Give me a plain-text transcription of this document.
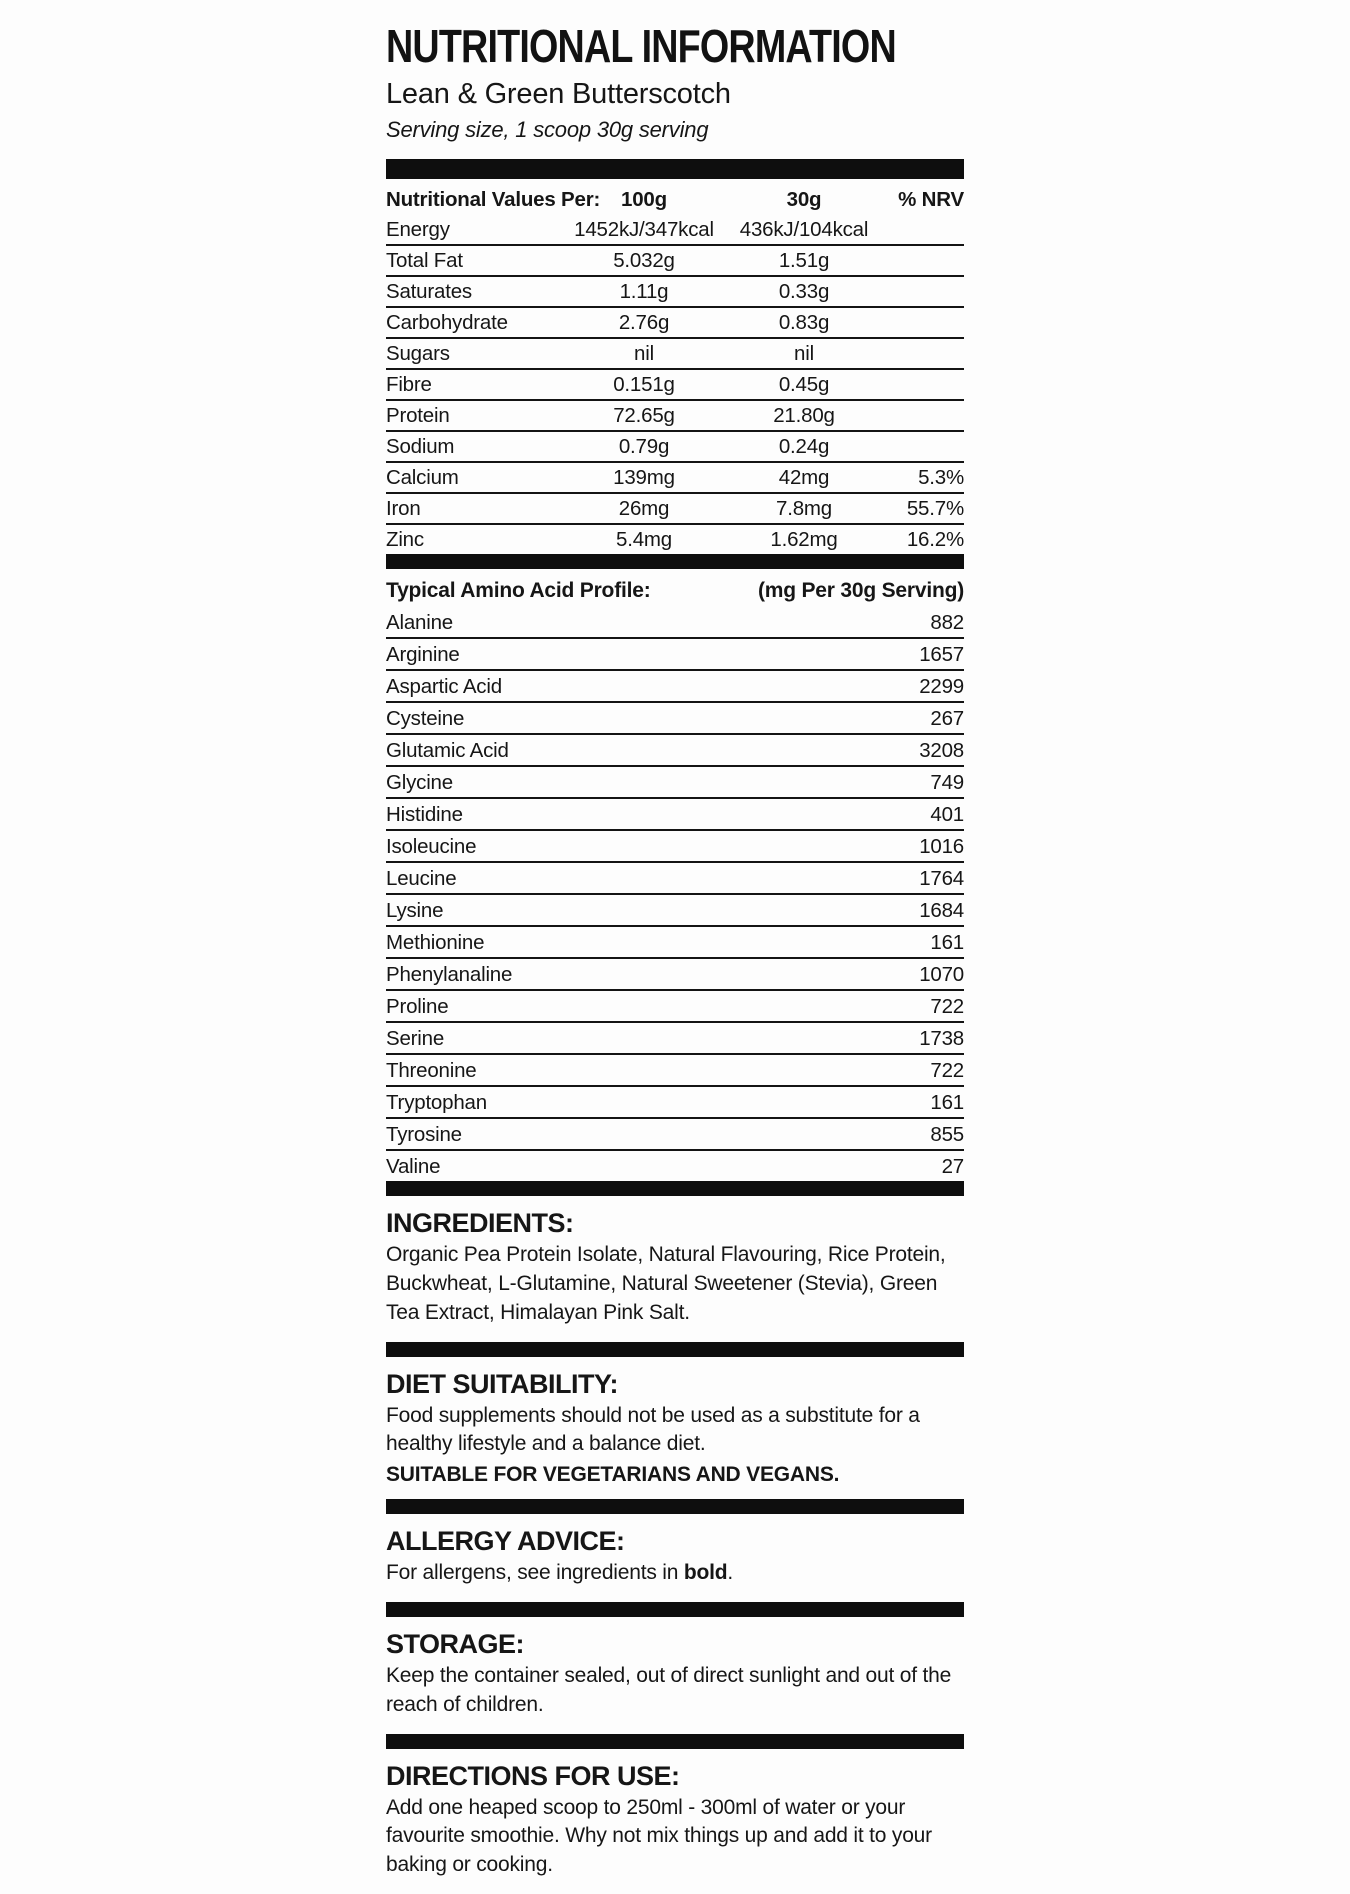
NUTRITIONAL INFORMATION
Lean & Green Butterscotch
Serving size, 1 scoop 30g serving
Nutritional Values Per:	100g	30g	% NRV
Energy	1452kJ/347kcal	436kJ/104kcal
Total Fat	5.032g	1.51g
Saturates	1.11g	0.33g
Carbohydrate	2.76g	0.83g
Sugars	nil	nil
Fibre	0.151g	0.45g
Protein	72.65g	21.80g
Sodium	0.79g	0.24g
Calcium	139mg	42mg	5.3%
Iron	26mg	7.8mg	55.7%
Zinc	5.4mg	1.62mg	16.2%
Typical Amino Acid Profile:	(mg Per 30g Serving)
Alanine	882
Arginine	1657
Aspartic Acid	2299
Cysteine	267
Glutamic Acid	3208
Glycine	749
Histidine	401
Isoleucine	1016
Leucine	1764
Lysine	1684
Methionine	161
Phenylanaline	1070
Proline	722
Serine	1738
Threonine	722
Tryptophan	161
Tyrosine	855
Valine	27
INGREDIENTS:
Organic Pea Protein Isolate, Natural Flavouring, Rice Protein, Buckwheat, L-Glutamine, Natural Sweetener (Stevia), Green Tea Extract, Himalayan Pink Salt.
DIET SUITABILITY:
Food supplements should not be used as a substitute for a healthy lifestyle and a balance diet.
SUITABLE FOR VEGETARIANS AND VEGANS.
ALLERGY ADVICE:
For allergens, see ingredients in bold.
STORAGE:
Keep the container sealed, out of direct sunlight and out of the reach of children.
DIRECTIONS FOR USE:
Add one heaped scoop to 250ml - 300ml of water or your favourite smoothie. Why not mix things up and add it to your baking or cooking.
